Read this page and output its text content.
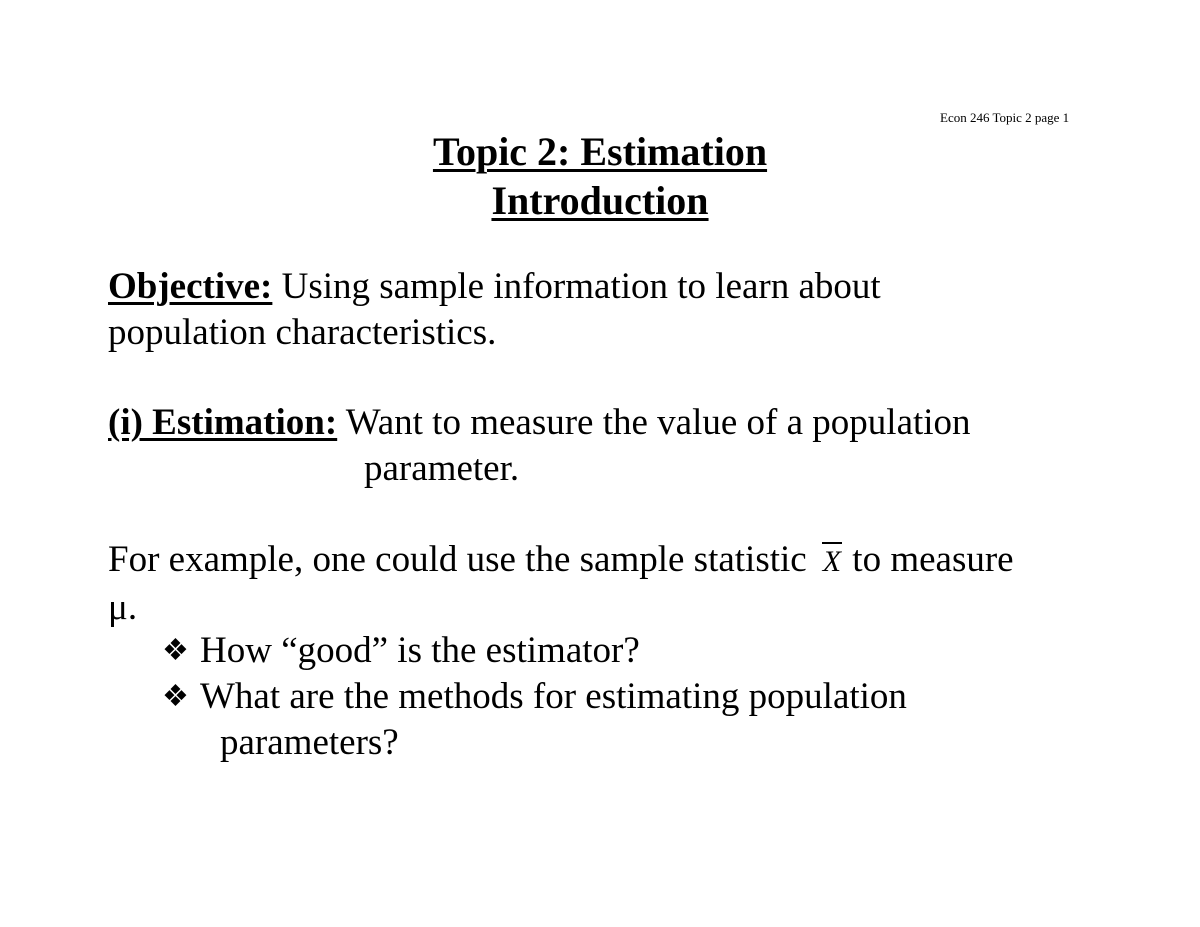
Econ 246 Topic 2 page 1
Topic 2: Estimation
Introduction
Objective: Using sample information to learn about
population characteristics.
(i) Estimation: Want to measure the value of a population
parameter.
For example, one could use the sample statistic X to measure
μ.
❖ How “good” is the estimator?
❖ What are the methods for estimating population
parameters?
